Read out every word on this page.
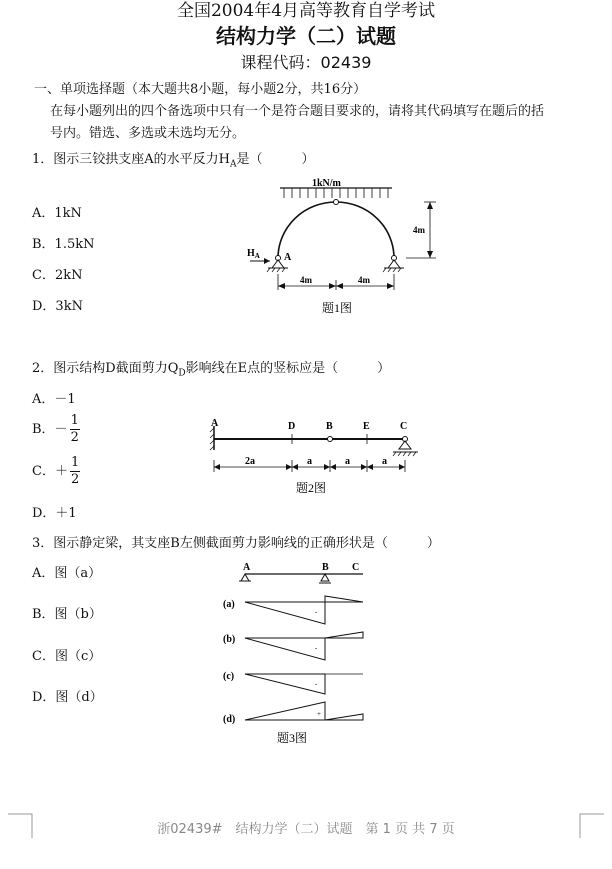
全国2004年4月高等教育自学考试
结构力学（二）试题
课程代码：02439
一、单项选择题（本大题共8小题，每小题2分，共16分）
在每小题列出的四个备选项中只有一个是符合题目要求的，请将其代码填写在题后的括
号内。错选、多选或未选均无分。
1．图示三铰拱支座A的水平反力$H_A$是（　　　）
A．1kN
B．1.5kN
C．2kN
D．3kN
1kN/m
$H_A$ A
4m
4m	4m
题1图
2．图示结构D截面剪力$Q_D$影响线在E点的竖标应是（　　　）
A．－1
B．－ $\frac{1}{2}$
C．＋ $\frac{1}{2}$
D．＋1
A	D	B	E	C
2a	a	a	a
题2图
3．图示静定梁，其支座B左侧截面剪力影响线的正确形状是（　　　）
A．图（a）
B．图（b）
C．图（c）
D．图（d）
A	B C
(a)
-
(b)
-
(c)
-
(d)	+
题3图
浙02439#　结构力学（二）试题　第 1 页 共 7 页
